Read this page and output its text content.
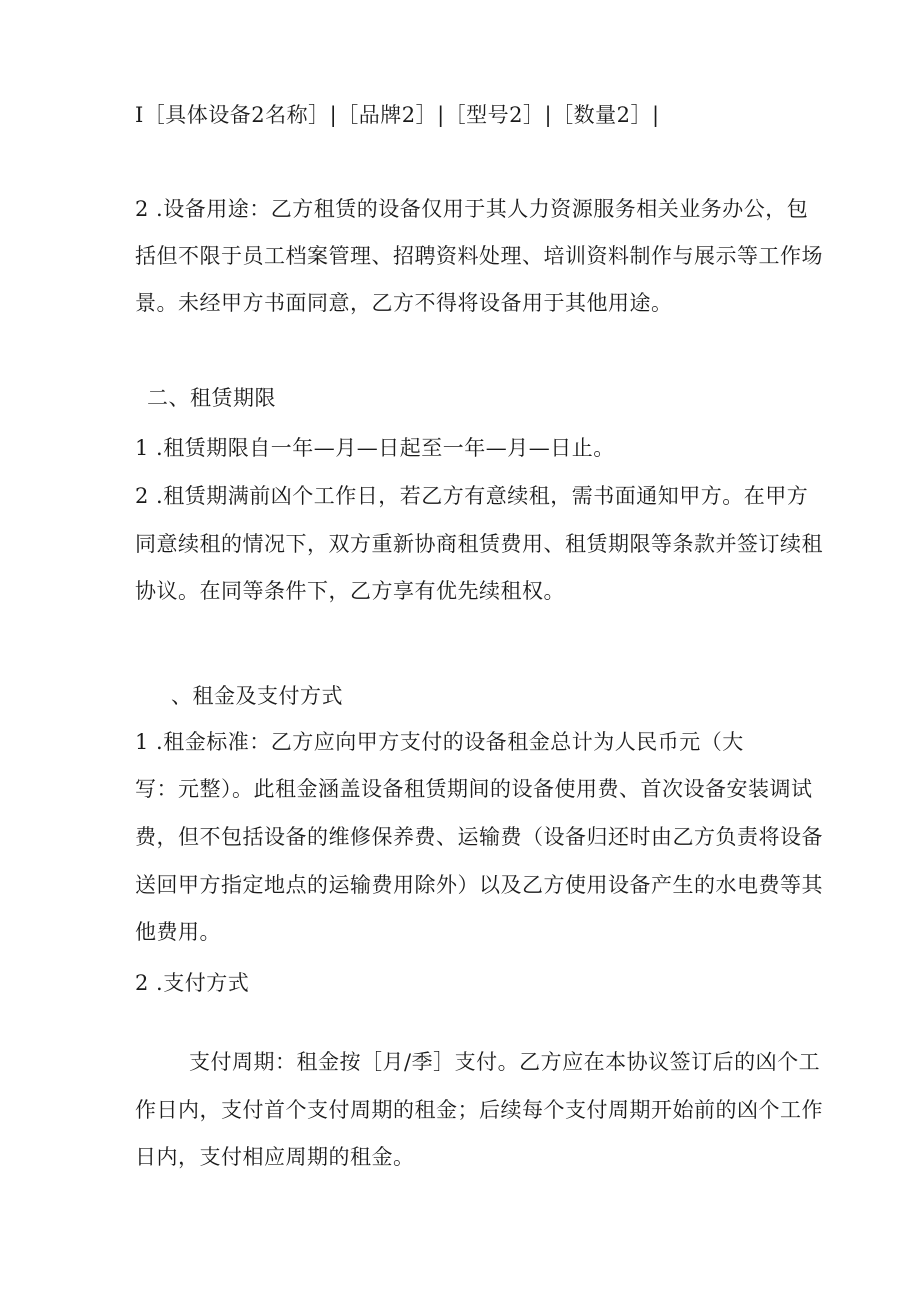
I［具体设备2名称］|［品牌2］|［型号2］|［数量2］|
2 .设备用途：乙方租赁的设备仅用于其人力资源服务相关业务办公，包
括但不限于员工档案管理、招聘资料处理、培训资料制作与展示等工作场
景。未经甲方书面同意，乙方不得将设备用于其他用途。
二、租赁期限
1 .租赁期限自一年—月—日起至一年—月—日止。
2 .租赁期满前凶个工作日，若乙方有意续租，需书面通知甲方。在甲方
同意续租的情况下，双方重新协商租赁费用、租赁期限等条款并签订续租
协议。在同等条件下，乙方享有优先续租权。
、租金及支付方式
1 .租金标准：乙方应向甲方支付的设备租金总计为人民币元（大
写：元整）。此租金涵盖设备租赁期间的设备使用费、首次设备安装调试
费，但不包括设备的维修保养费、运输费（设备归还时由乙方负责将设备
送回甲方指定地点的运输费用除外）以及乙方使用设备产生的水电费等其
他费用。
2 .支付方式
支付周期：租金按［月/季］支付。乙方应在本协议签订后的凶个工
作日内，支付首个支付周期的租金；后续每个支付周期开始前的凶个工作
日内，支付相应周期的租金。
